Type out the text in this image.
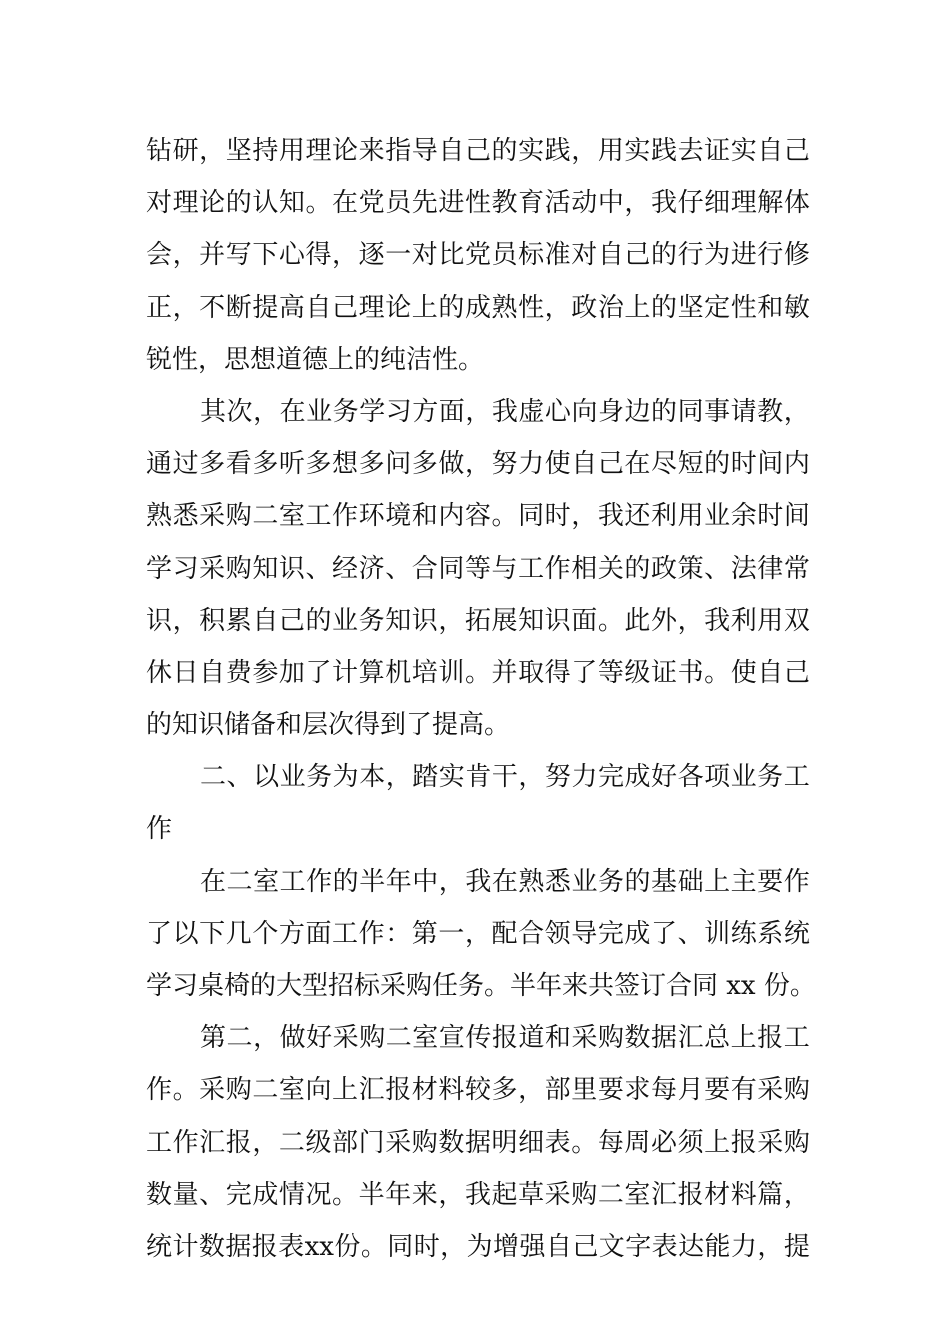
钻 研 ， 坚 持 用 理 论 来 指 导 自 己 的 实 践 ， 用 实 践 去 证 实 自 己
对 理 论 的 认 知 。 在 党 员 先 进 性 教 育 活 动 中 ， 我 仔 细 理 解 体
会 ， 并 写 下 心 得 ， 逐 一 对 比 党 员 标 准 对 自 己 的 行 为 进 行 修
正 ， 不 断 提 高 自 己 理 论 上 的 成 熟 性 ， 政 治 上 的 坚 定 性 和 敏
锐性，思想道德上的纯洁性。
其 次 ， 在 业 务 学 习 方 面 ， 我 虚 心 向 身 边 的 同 事 请 教 ，
通 过 多 看 多 听 多 想 多 问 多 做 ， 努 力 使 自 己 在 尽 短 的 时 间 内
熟 悉 采 购 二 室 工 作 环 境 和 内 容 。 同 时 ， 我 还 利 用 业 余 时 间
学 习 采 购 知 识 、 经 济 、 合 同 等 与 工 作 相 关 的 政 策 、 法 律 常
识 ， 积 累 自 己 的 业 务 知 识 ， 拓 展 知 识 面 。 此 外 ， 我 利 用 双
休 日 自 费 参 加 了 计 算 机 培 训 。 并 取 得 了 等 级 证 书 。 使 自 己
的知识储备和层次得到了提高。
二 、 以 业 务 为 本 ， 踏 实 肯 干 ， 努 力 完 成 好 各 项 业 务 工
作
在 二 室 工 作 的 半 年 中 ， 我 在 熟 悉 业 务 的 基 础 上 主 要 作
了 以 下 几 个 方 面 工 作 ： 第 一 ， 配 合 领 导 完 成 了 、 训 练 系 统
学习桌椅的大型招标采购任务。半年来共签订合同 xx 份。
第 二 ， 做 好 采 购 二 室 宣 传 报 道 和 采 购 数 据 汇 总 上 报 工
作 。 采 购 二 室 向 上 汇 报 材 料 较 多 ， 部 里 要 求 每 月 要 有 采 购
工 作 汇 报 ， 二 级 部 门 采 购 数 据 明 细 表 。 每 周 必 须 上 报 采 购
数 量 、 完 成 情 况 。 半 年 来 ， 我 起 草 采 购 二 室 汇 报 材 料 篇 ，
统 计 数 据 报 表 xx 份 。 同 时 ， 为 增 强 自 己 文 字 表 达 能 力 ， 提
